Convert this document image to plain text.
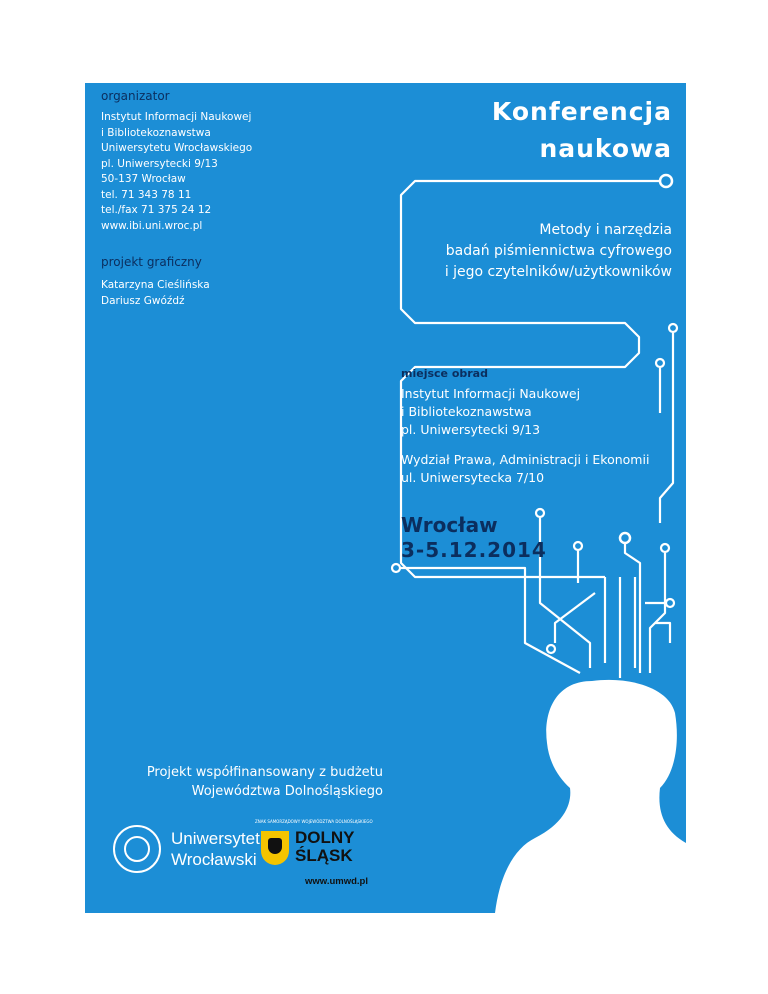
organizator
Instytut Informacji Naukowej
i Bibliotekoznawstwa
Uniwersytetu Wrocławskiego
pl. Uniwersytecki 9/13
50-137 Wrocław
tel. 71 343 78 11
tel./fax 71 375 24 12
www.ibi.uni.wroc.pl
projekt graficzny
Katarzyna Cieślińska
Dariusz Gwóźdź
Konferencja
naukowa
Metody i narzędzia
badań piśmiennictwa cyfrowego
i jego czytelników/użytkowników
miejsce obrad
Instytut Informacji Naukowej
i Bibliotekoznawstwa
pl. Uniwersytecki 9/13
Wydział Prawa, Administracji i Ekonomii
ul. Uniwersytecka 7/10
Wrocław
3-5.12.2014
Projekt współfinansowany z budżetu
Województwa Dolnośląskiego
Uniwersytet
Wrocławski
ZNAK SAMORZĄDOWY WOJEWÓDZTWA DOLNOŚLĄSKIEGO
DOLNY
ŚLĄSK
www.umwd.pl
